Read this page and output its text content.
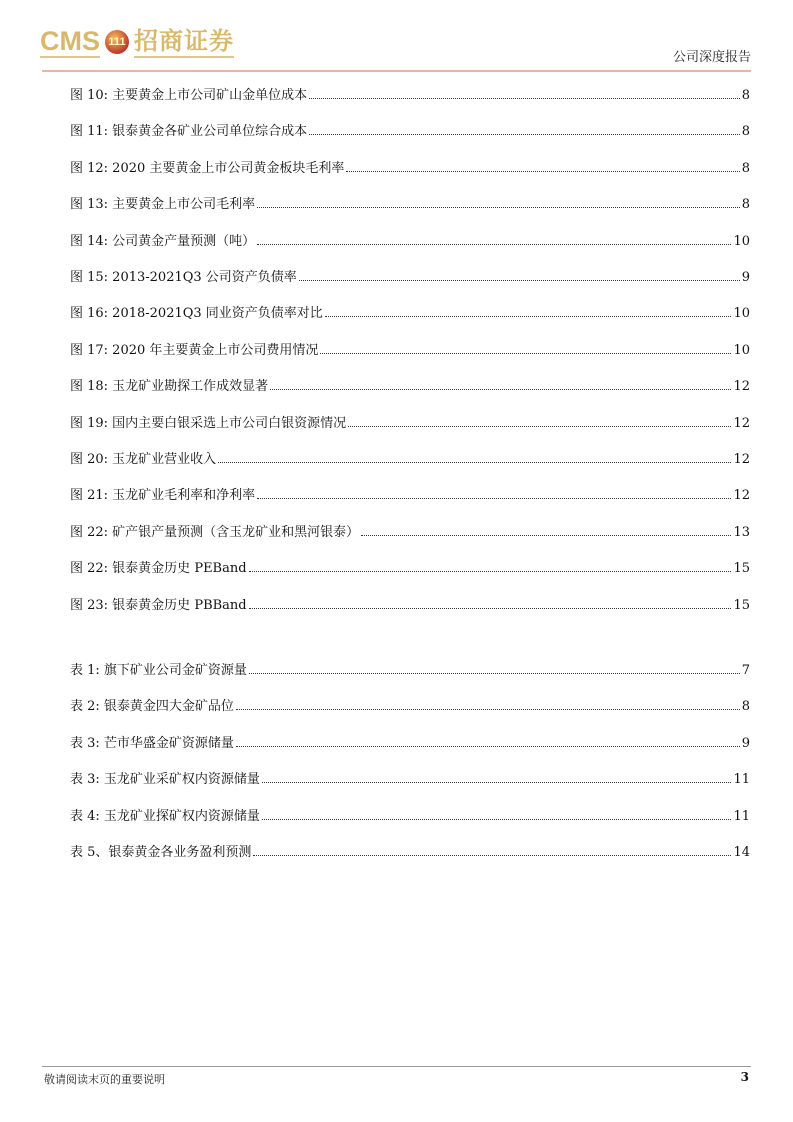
CMS 111 招商证券
公司深度报告
图 10: 主要黄金上市公司矿山金单位成本	8
图 11: 银泰黄金各矿业公司单位综合成本	8
图 12: 2020 主要黄金上市公司黄金板块毛利率	8
图 13: 主要黄金上市公司毛利率	8
图 14: 公司黄金产量预测（吨）	10
图 15: 2013-2021Q3 公司资产负债率	9
图 16: 2018-2021Q3 同业资产负债率对比	10
图 17: 2020 年主要黄金上市公司费用情况	10
图 18: 玉龙矿业勘探工作成效显著	12
图 19: 国内主要白银采选上市公司白银资源情况	12
图 20: 玉龙矿业营业收入	12
图 21: 玉龙矿业毛利率和净利率	12
图 22: 矿产银产量预测（含玉龙矿业和黑河银泰）	13
图 22: 银泰黄金历史 PEBand	15
图 23: 银泰黄金历史 PBBand	15
表 1: 旗下矿业公司金矿资源量	7
表 2: 银泰黄金四大金矿品位	8
表 3: 芒市华盛金矿资源储量	9
表 3: 玉龙矿业采矿权内资源储量	11
表 4: 玉龙矿业探矿权内资源储量	11
表 5、银泰黄金各业务盈利预测	14
敬请阅读末页的重要说明	3
